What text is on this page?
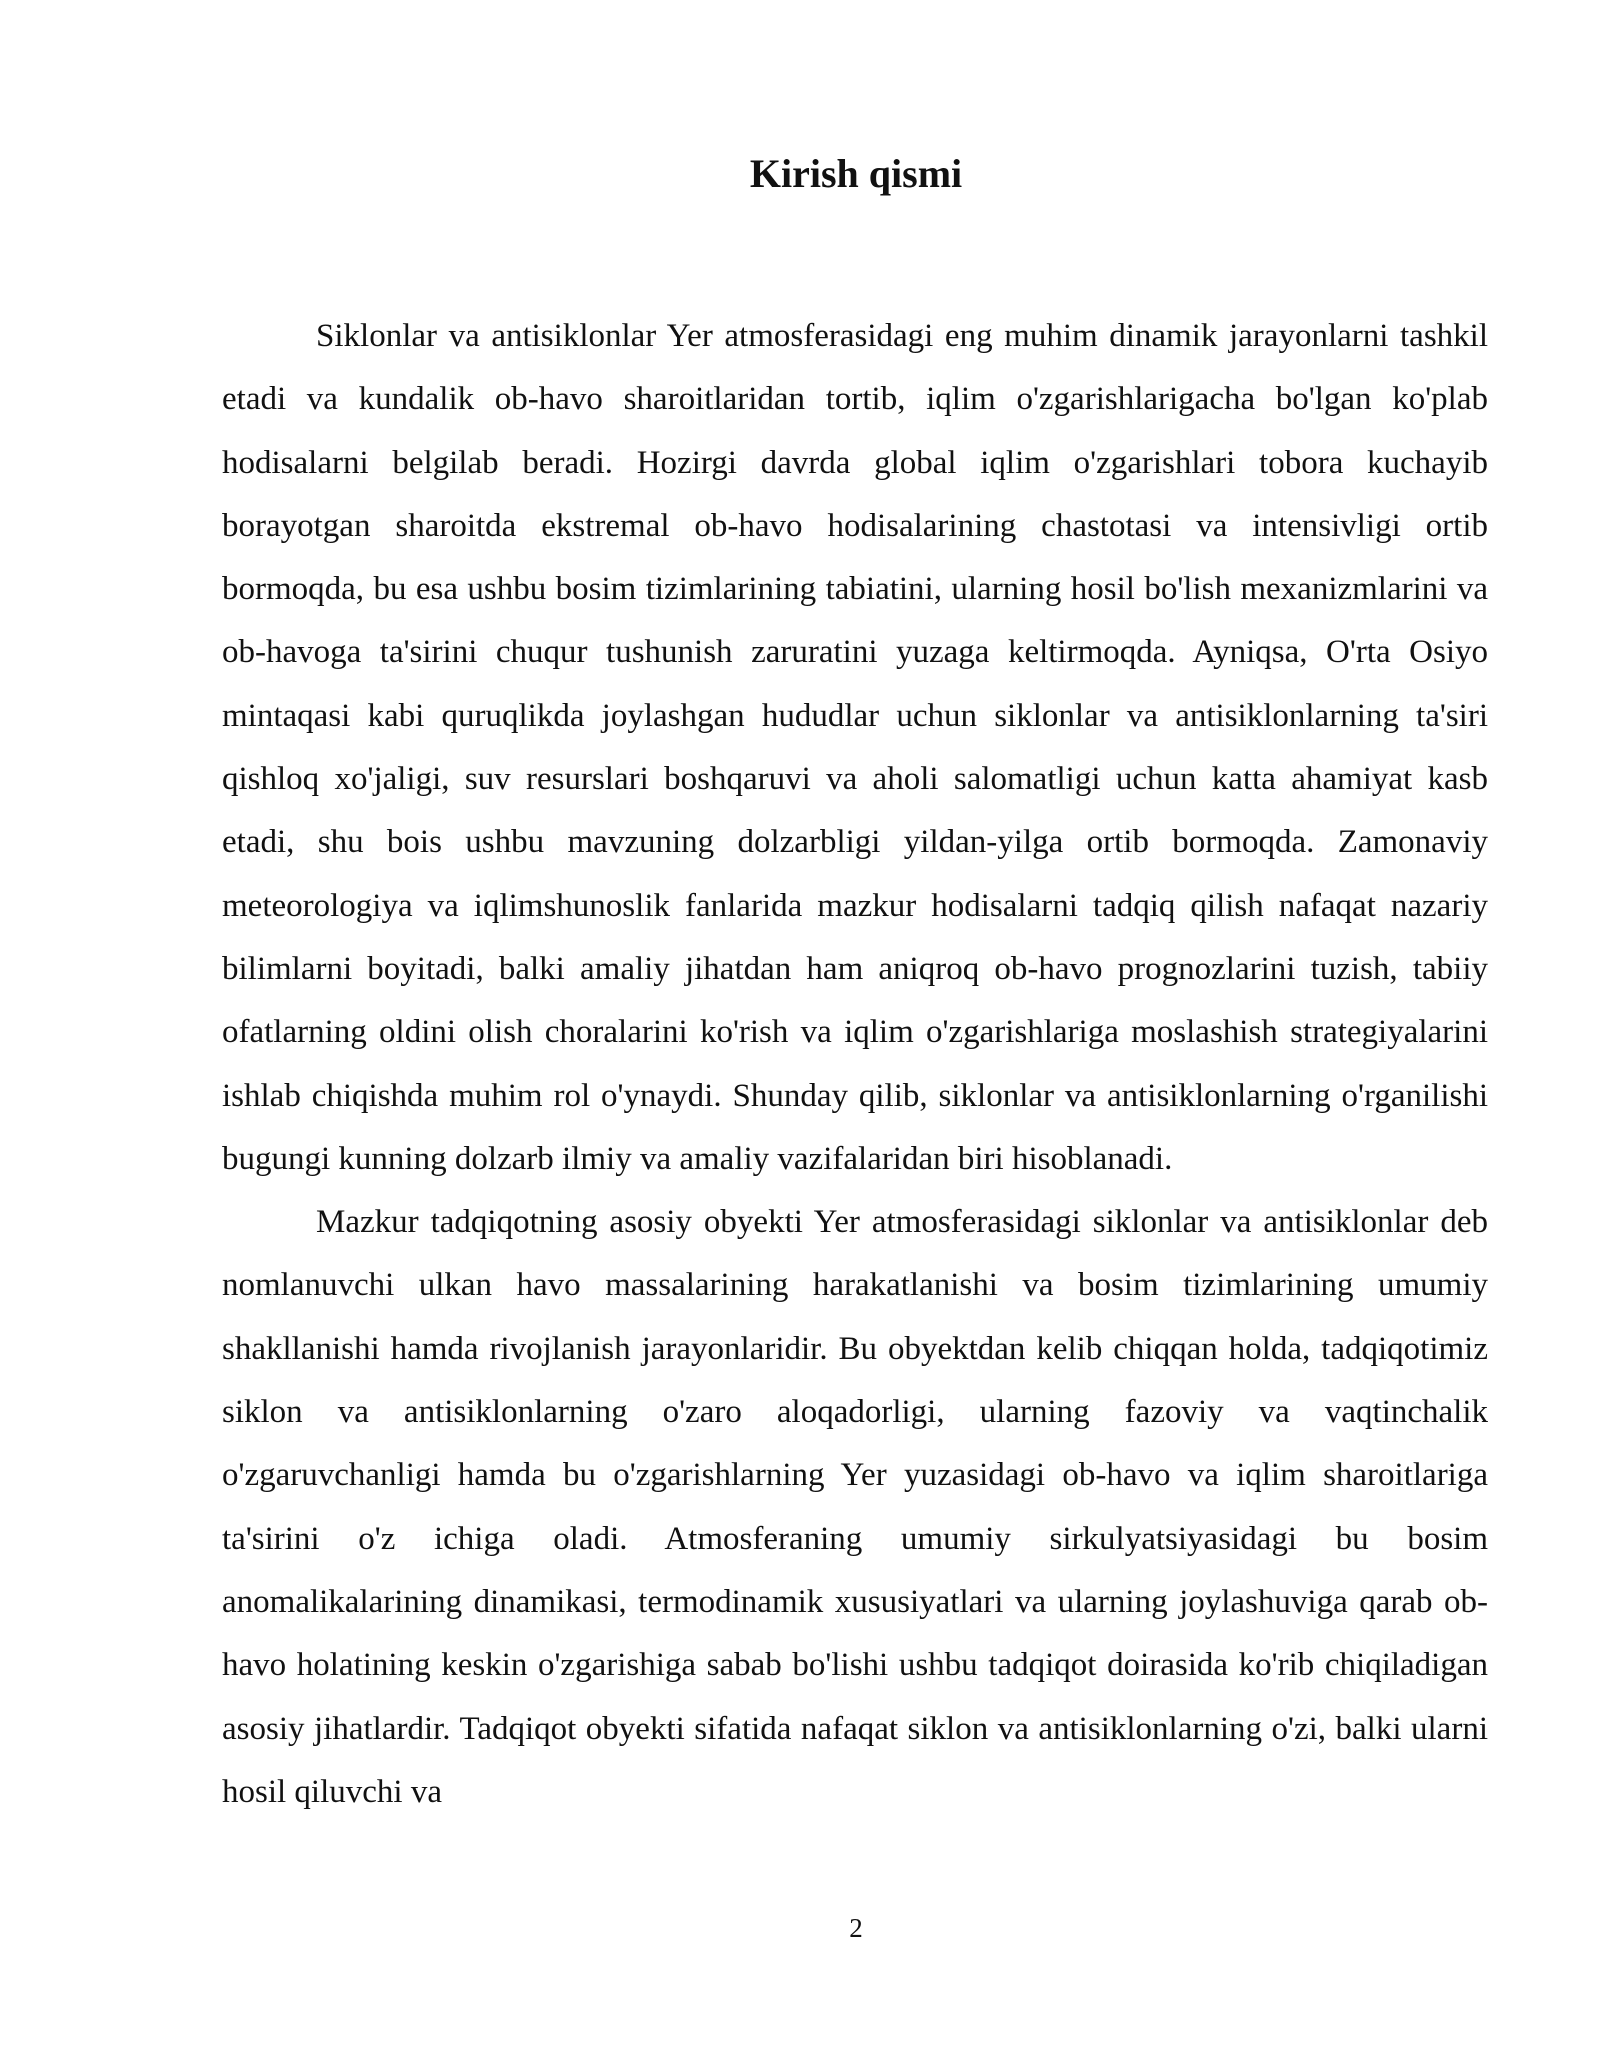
Kirish qismi

Siklonlar va antisiklonlar Yer atmosferasidagi eng muhim dinamik jarayonlarni tashkil etadi va kundalik ob-havo sharoitlaridan tortib, iqlim o'zgarishlarigacha bo'lgan ko'plab hodisalarni belgilab beradi. Hozirgi davrda global iqlim o'zgarishlari tobora kuchayib borayotgan sharoitda ekstremal ob-havo hodisalarining chastotasi va intensivligi ortib bormoqda, bu esa ushbu bosim tizimlarining tabiatini, ularning hosil bo'lish mexanizmlarini va ob-havoga ta'sirini chuqur tushunish zaruratini yuzaga keltirmoqda. Ayniqsa, O'rta Osiyo mintaqasi kabi quruqlikda joylashgan hududlar uchun siklonlar va antisiklonlarning ta'siri qishloq xo'jaligi, suv resurslari boshqaruvi va aholi salomatligi uchun katta ahamiyat kasb etadi, shu bois ushbu mavzuning dolzarbligi yildan-yilga ortib bormoqda. Zamonaviy meteorologiya va iqlimshunoslik fanlarida mazkur hodisalarni tadqiq qilish nafaqat nazariy bilimlarni boyitadi, balki amaliy jihatdan ham aniqroq ob-havo prognozlarini tuzish, tabiiy ofatlarning oldini olish choralarini ko'rish va iqlim o'zgarishlariga moslashish strategiyalarini ishlab chiqishda muhim rol o'ynaydi. Shunday qilib, siklonlar va antisiklonlarning o'rganilishi bugungi kunning dolzarb ilmiy va amaliy vazifalaridan biri hisoblanadi.

Mazkur tadqiqotning asosiy obyekti Yer atmosferasidagi siklonlar va antisiklonlar deb nomlanuvchi ulkan havo massalarining harakatlanishi va bosim tizimlarining umumiy shakllanishi hamda rivojlanish jarayonlaridir. Bu obyektdan kelib chiqqan holda, tadqiqotimiz siklon va antisiklonlarning o'zaro aloqadorligi, ularning fazoviy va vaqtinchalik o'zgaruvchanligi hamda bu o'zgarishlarning Yer yuzasidagi ob-havo va iqlim sharoitlariga ta'sirini o'z ichiga oladi. Atmosferaning umumiy sirkulyatsiyasidagi bu bosim anomalikalarining dinamikasi, termodinamik xususiyatlari va ularning joylashuviga qarab ob-havo holatining keskin o'zgarishiga sabab bo'lishi ushbu tadqiqot doirasida ko'rib chiqiladigan asosiy jihatlardir. Tadqiqot obyekti sifatida nafaqat siklon va antisiklonlarning o'zi, balki ularni hosil qiluvchi va

2
